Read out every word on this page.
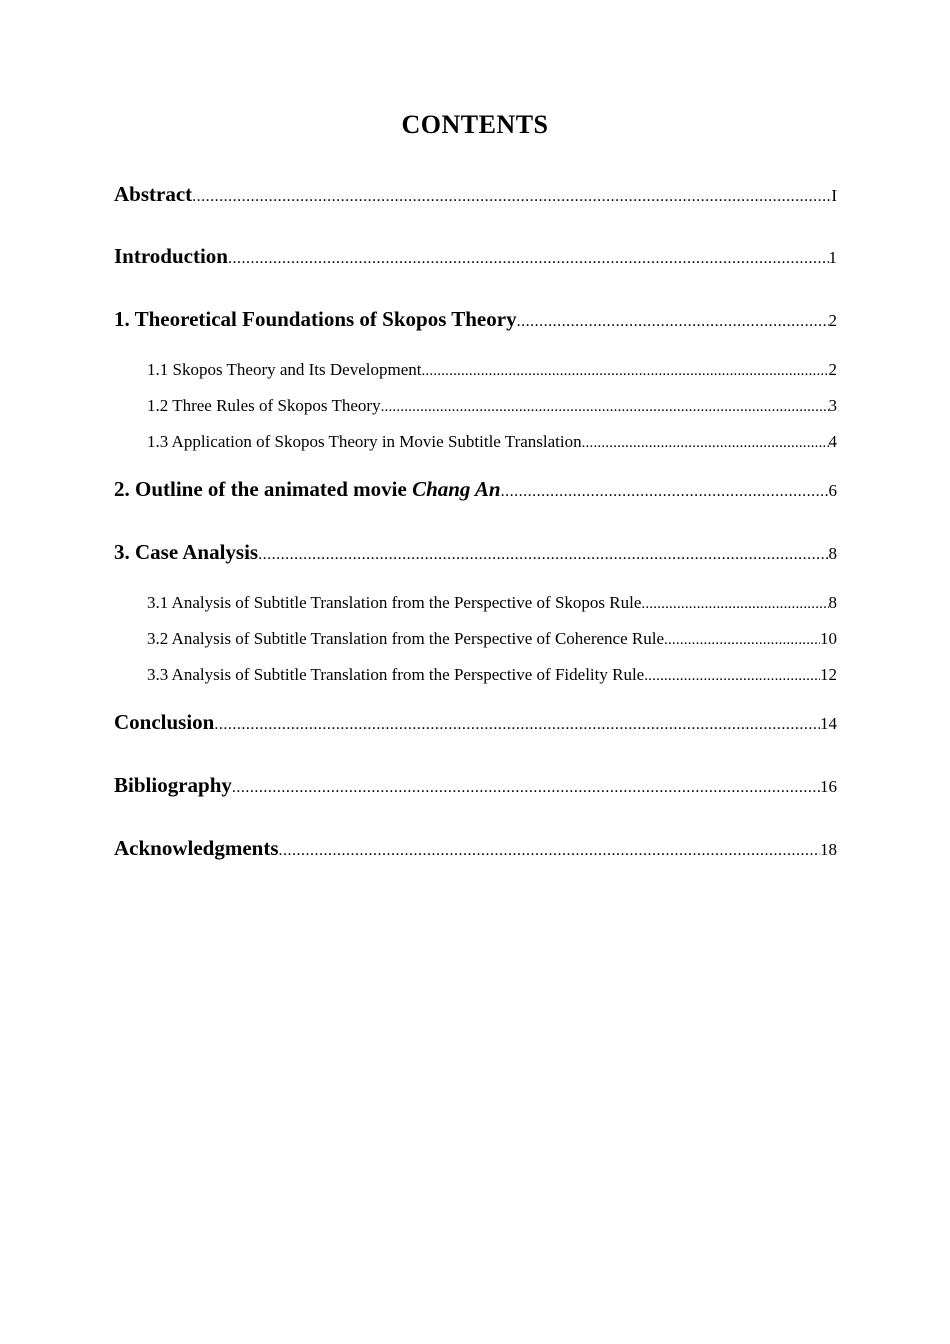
CONTENTS
Abstract .....	I
Introduction .....	1
1. Theoretical Foundations of Skopos Theory .....	2
1.1 Skopos Theory and Its Development .....	2
1.2 Three Rules of Skopos Theory .....	3
1.3 Application of Skopos Theory in Movie Subtitle Translation .....	4
2. Outline of the animated movie Chang An .....	6
3. Case Analysis .....	8
3.1 Analysis of Subtitle Translation from the Perspective of Skopos Rule .....	8
3.2 Analysis of Subtitle Translation from the Perspective of Coherence Rule .....	10
3.3 Analysis of Subtitle Translation from the Perspective of Fidelity Rule .....	12
Conclusion .....	14
Bibliography .....	16
Acknowledgments .....	18
